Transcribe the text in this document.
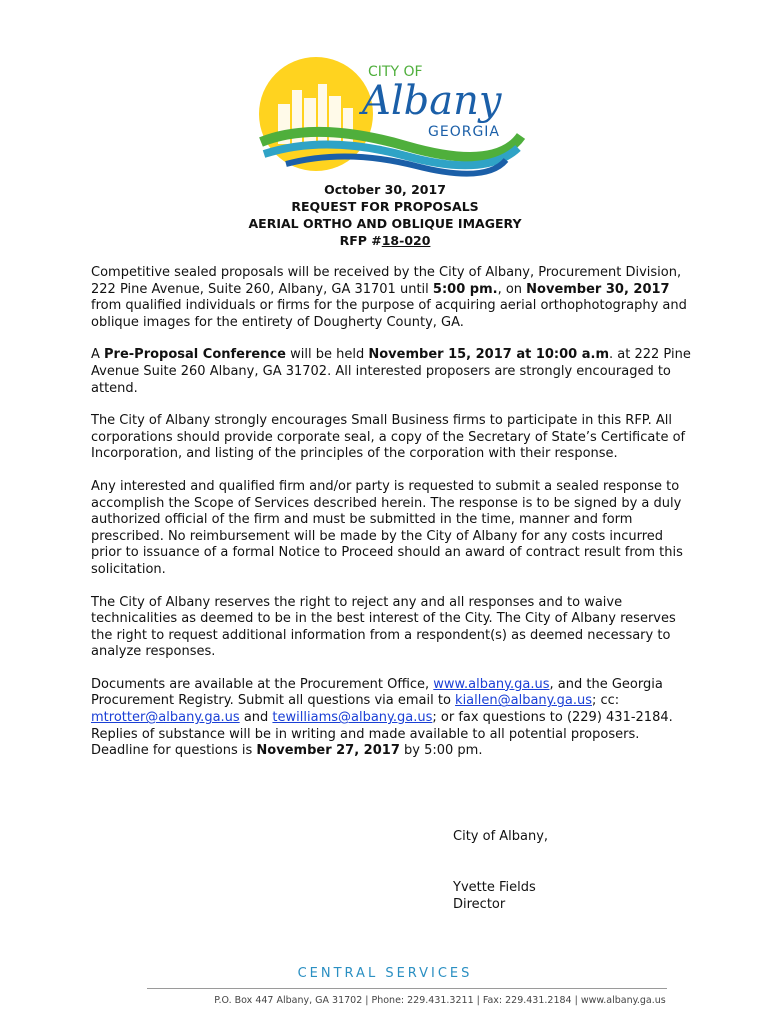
CITY OF
Albany
GEORGIA
October 30, 2017
REQUEST FOR PROPOSALS
AERIAL ORTHO AND OBLIQUE IMAGERY
RFP #18-020

Competitive sealed proposals will be received by the City of Albany, Procurement Division, 222 Pine Avenue, Suite 260, Albany, GA 31701 until 5:00 pm., on November 30, 2017 from qualified individuals or firms for the purpose of acquiring aerial orthophotography and oblique images for the entirety of Dougherty County, GA.

A Pre-Proposal Conference will be held November 15, 2017 at 10:00 a.m. at 222 Pine Avenue Suite 260 Albany, GA 31702. All interested proposers are strongly encouraged to attend.

The City of Albany strongly encourages Small Business firms to participate in this RFP. All corporations should provide corporate seal, a copy of the Secretary of State’s Certificate of Incorporation, and listing of the principles of the corporation with their response.

Any interested and qualified firm and/or party is requested to submit a sealed response to accomplish the Scope of Services described herein. The response is to be signed by a duly authorized official of the firm and must be submitted in the time, manner and form prescribed. No reimbursement will be made by the City of Albany for any costs incurred prior to issuance of a formal Notice to Proceed should an award of contract result from this solicitation.

The City of Albany reserves the right to reject any and all responses and to waive technicalities as deemed to be in the best interest of the City. The City of Albany reserves the right to request additional information from a respondent(s) as deemed necessary to analyze responses.

Documents are available at the Procurement Office, www.albany.ga.us, and the Georgia Procurement Registry. Submit all questions via email to kiallen@albany.ga.us; cc: mtrotter@albany.ga.us and tewilliams@albany.ga.us; or fax questions to (229) 431-2184. Replies of substance will be in writing and made available to all potential proposers. Deadline for questions is November 27, 2017 by 5:00 pm.

City of Albany,
Yvette Fields
Director
CENTRAL SERVICES
P.O. Box 447 Albany, GA 31702 | Phone: 229.431.3211 | Fax: 229.431.2184 | www.albany.ga.us
